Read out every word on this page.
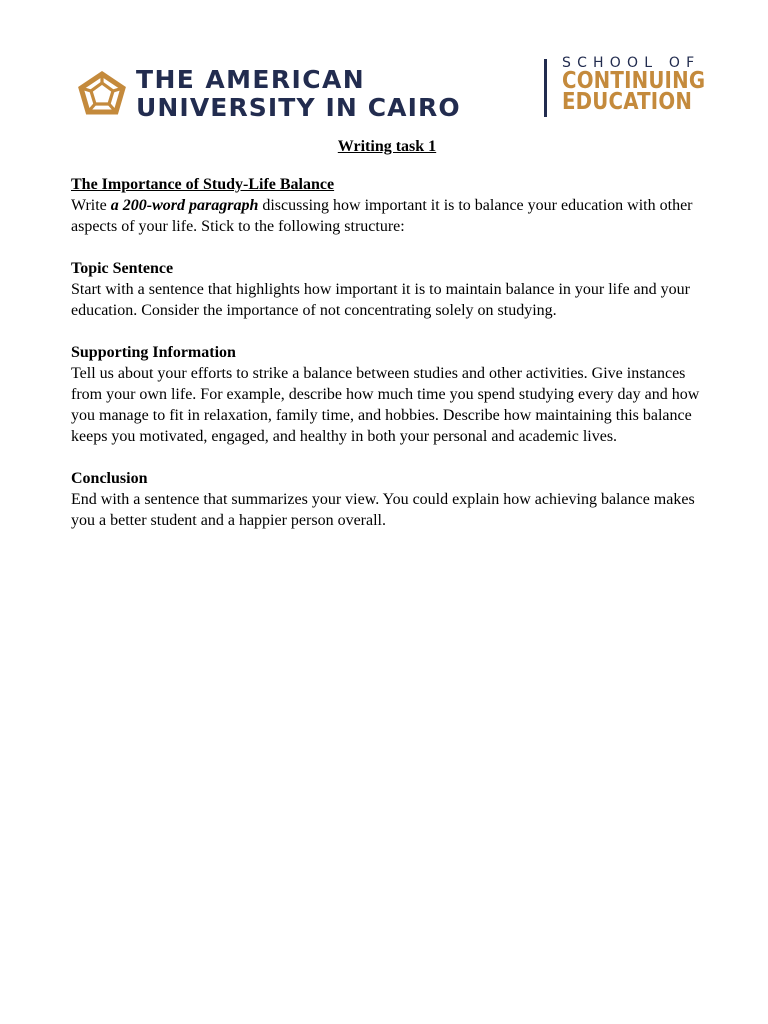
THE AMERICAN
UNIVERSITY IN CAIRO
SCHOOL OF
CONTINUING
EDUCATION

Writing task 1

The Importance of Study-Life Balance

Write a 200-word paragraph discussing how important it is to balance your education with other aspects of your life. Stick to the following structure:

Topic Sentence

Start with a sentence that highlights how important it is to maintain balance in your life and your education. Consider the importance of not concentrating solely on studying.

Supporting Information

Tell us about your efforts to strike a balance between studies and other activities. Give instances from your own life. For example, describe how much time you spend studying every day and how you manage to fit in relaxation, family time, and hobbies. Describe how maintaining this balance keeps you motivated, engaged, and healthy in both your personal and academic lives.

Conclusion

End with a sentence that summarizes your view. You could explain how achieving balance makes you a better student and a happier person overall.
